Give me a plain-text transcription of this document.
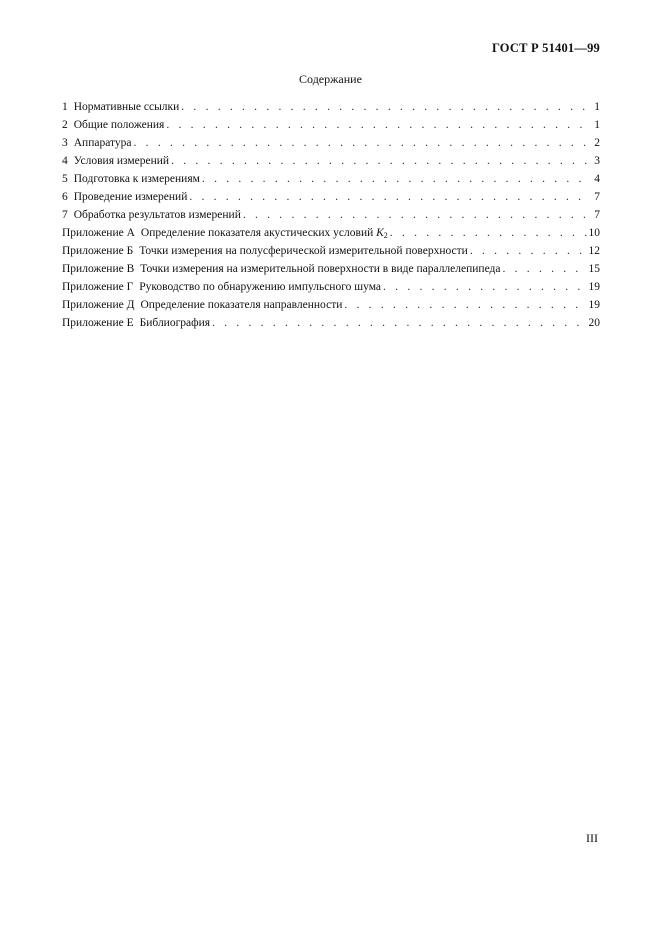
ГОСТ Р 51401—99
Содержание
1 Нормативные ссылки . . .	1
2 Общие положения . . .	1
3 Аппаратура . . .	2
4 Условия измерений . . .	3
5 Подготовка к измерениям . . .	4
6 Проведение измерений . . .	7
7 Обработка результатов измерений . . .	7
Приложение А Определение показателя акустических условий $K_2$ . . .	10
Приложение Б Точки измерения на полусферической измерительной поверхности . . .	12
Приложение В Точки измерения на измерительной поверхности в виде параллелепипеда . . .	15
Приложение Г Руководство по обнаружению импульсного шума . . .	19
Приложение Д Определение показателя направленности . . .	19
Приложение Е Библиография . . .	20
III
